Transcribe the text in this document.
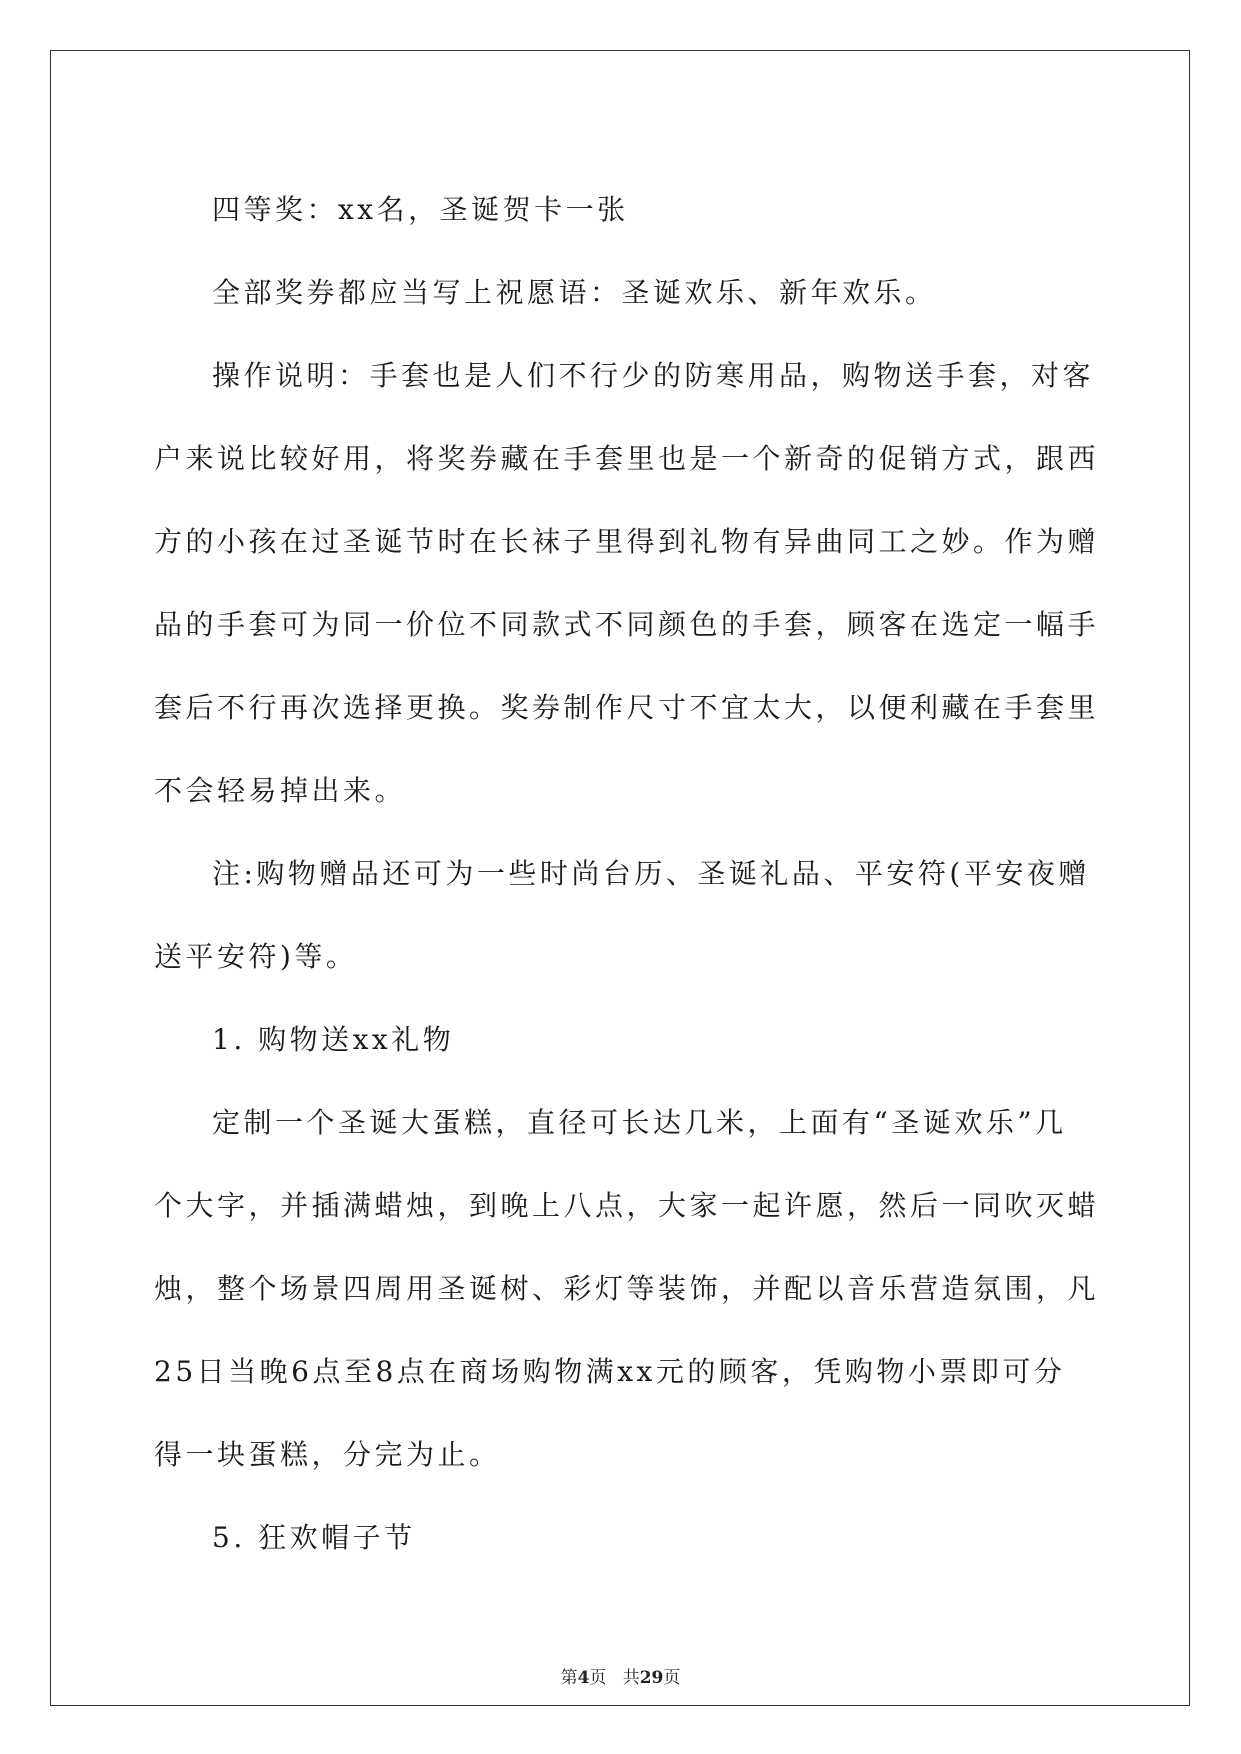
四等奖：xx名，圣诞贺卡一张
全部奖券都应当写上祝愿语：圣诞欢乐、新年欢乐。
操作说明：手套也是人们不行少的防寒用品，购物送手套，对客
户来说比较好用，将奖券藏在手套里也是一个新奇的促销方式，跟西
方的小孩在过圣诞节时在长袜子里得到礼物有异曲同工之妙。作为赠
品的手套可为同一价位不同款式不同颜色的手套，顾客在选定一幅手
套后不行再次选择更换。奖券制作尺寸不宜太大，以便利藏在手套里
不会轻易掉出来。
注:购物赠品还可为一些时尚台历、圣诞礼品、平安符(平安夜赠
送平安符)等。
1. 购物送xx礼物
定制一个圣诞大蛋糕，直径可长达几米，上面有“圣诞欢乐”几
个大字，并插满蜡烛，到晚上八点，大家一起许愿，然后一同吹灭蜡
烛，整个场景四周用圣诞树、彩灯等装饰，并配以音乐营造氛围，凡
25日当晚6点至8点在商场购物满xx元的顾客，凭购物小票即可分
得一块蛋糕，分完为止。
5. 狂欢帽子节
第4页 共29页
